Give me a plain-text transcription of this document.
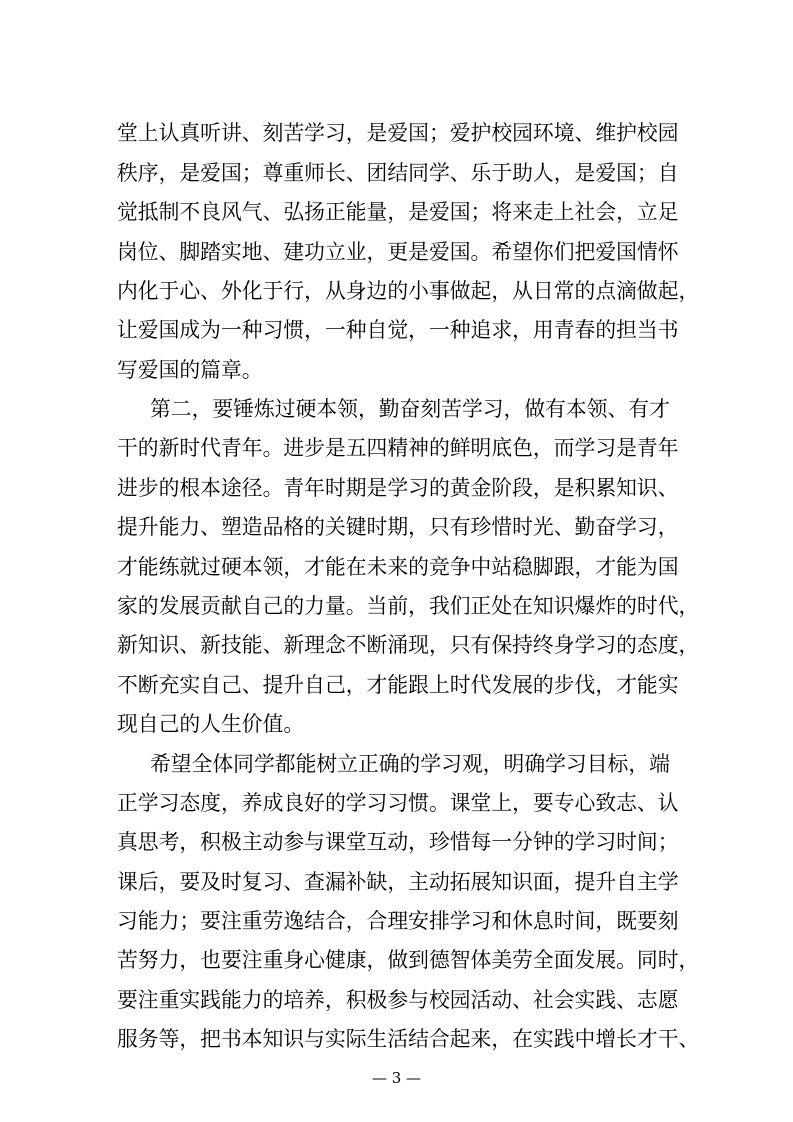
堂上认真听讲、刻苦学习，是爱国；爱护校园环境、维护校园
秩序，是爱国；尊重师长、团结同学、乐于助人，是爱国；自
觉抵制不良风气、弘扬正能量，是爱国；将来走上社会，立足
岗位、脚踏实地、建功立业，更是爱国。希望你们把爱国情怀
内化于心、外化于行，从身边的小事做起，从日常的点滴做起，
让爱国成为一种习惯，一种自觉，一种追求，用青春的担当书
写爱国的篇章。
第二，要锤炼过硬本领，勤奋刻苦学习，做有本领、有才
干的新时代青年。进步是五四精神的鲜明底色，而学习是青年
进步的根本途径。青年时期是学习的黄金阶段，是积累知识、
提升能力、塑造品格的关键时期，只有珍惜时光、勤奋学习，
才能练就过硬本领，才能在未来的竞争中站稳脚跟，才能为国
家的发展贡献自己的力量。当前，我们正处在知识爆炸的时代，
新知识、新技能、新理念不断涌现，只有保持终身学习的态度，
不断充实自己、提升自己，才能跟上时代发展的步伐，才能实
现自己的人生价值。
希望全体同学都能树立正确的学习观，明确学习目标，端
正学习态度，养成良好的学习习惯。课堂上，要专心致志、认
真思考，积极主动参与课堂互动，珍惜每一分钟的学习时间；
课后，要及时复习、查漏补缺，主动拓展知识面，提升自主学
习能力；要注重劳逸结合，合理安排学习和休息时间，既要刻
苦努力，也要注重身心健康，做到德智体美劳全面发展。同时，
要注重实践能力的培养，积极参与校园活动、社会实践、志愿
服务等，把书本知识与实际生活结合起来，在实践中增长才干、
— 3 —
